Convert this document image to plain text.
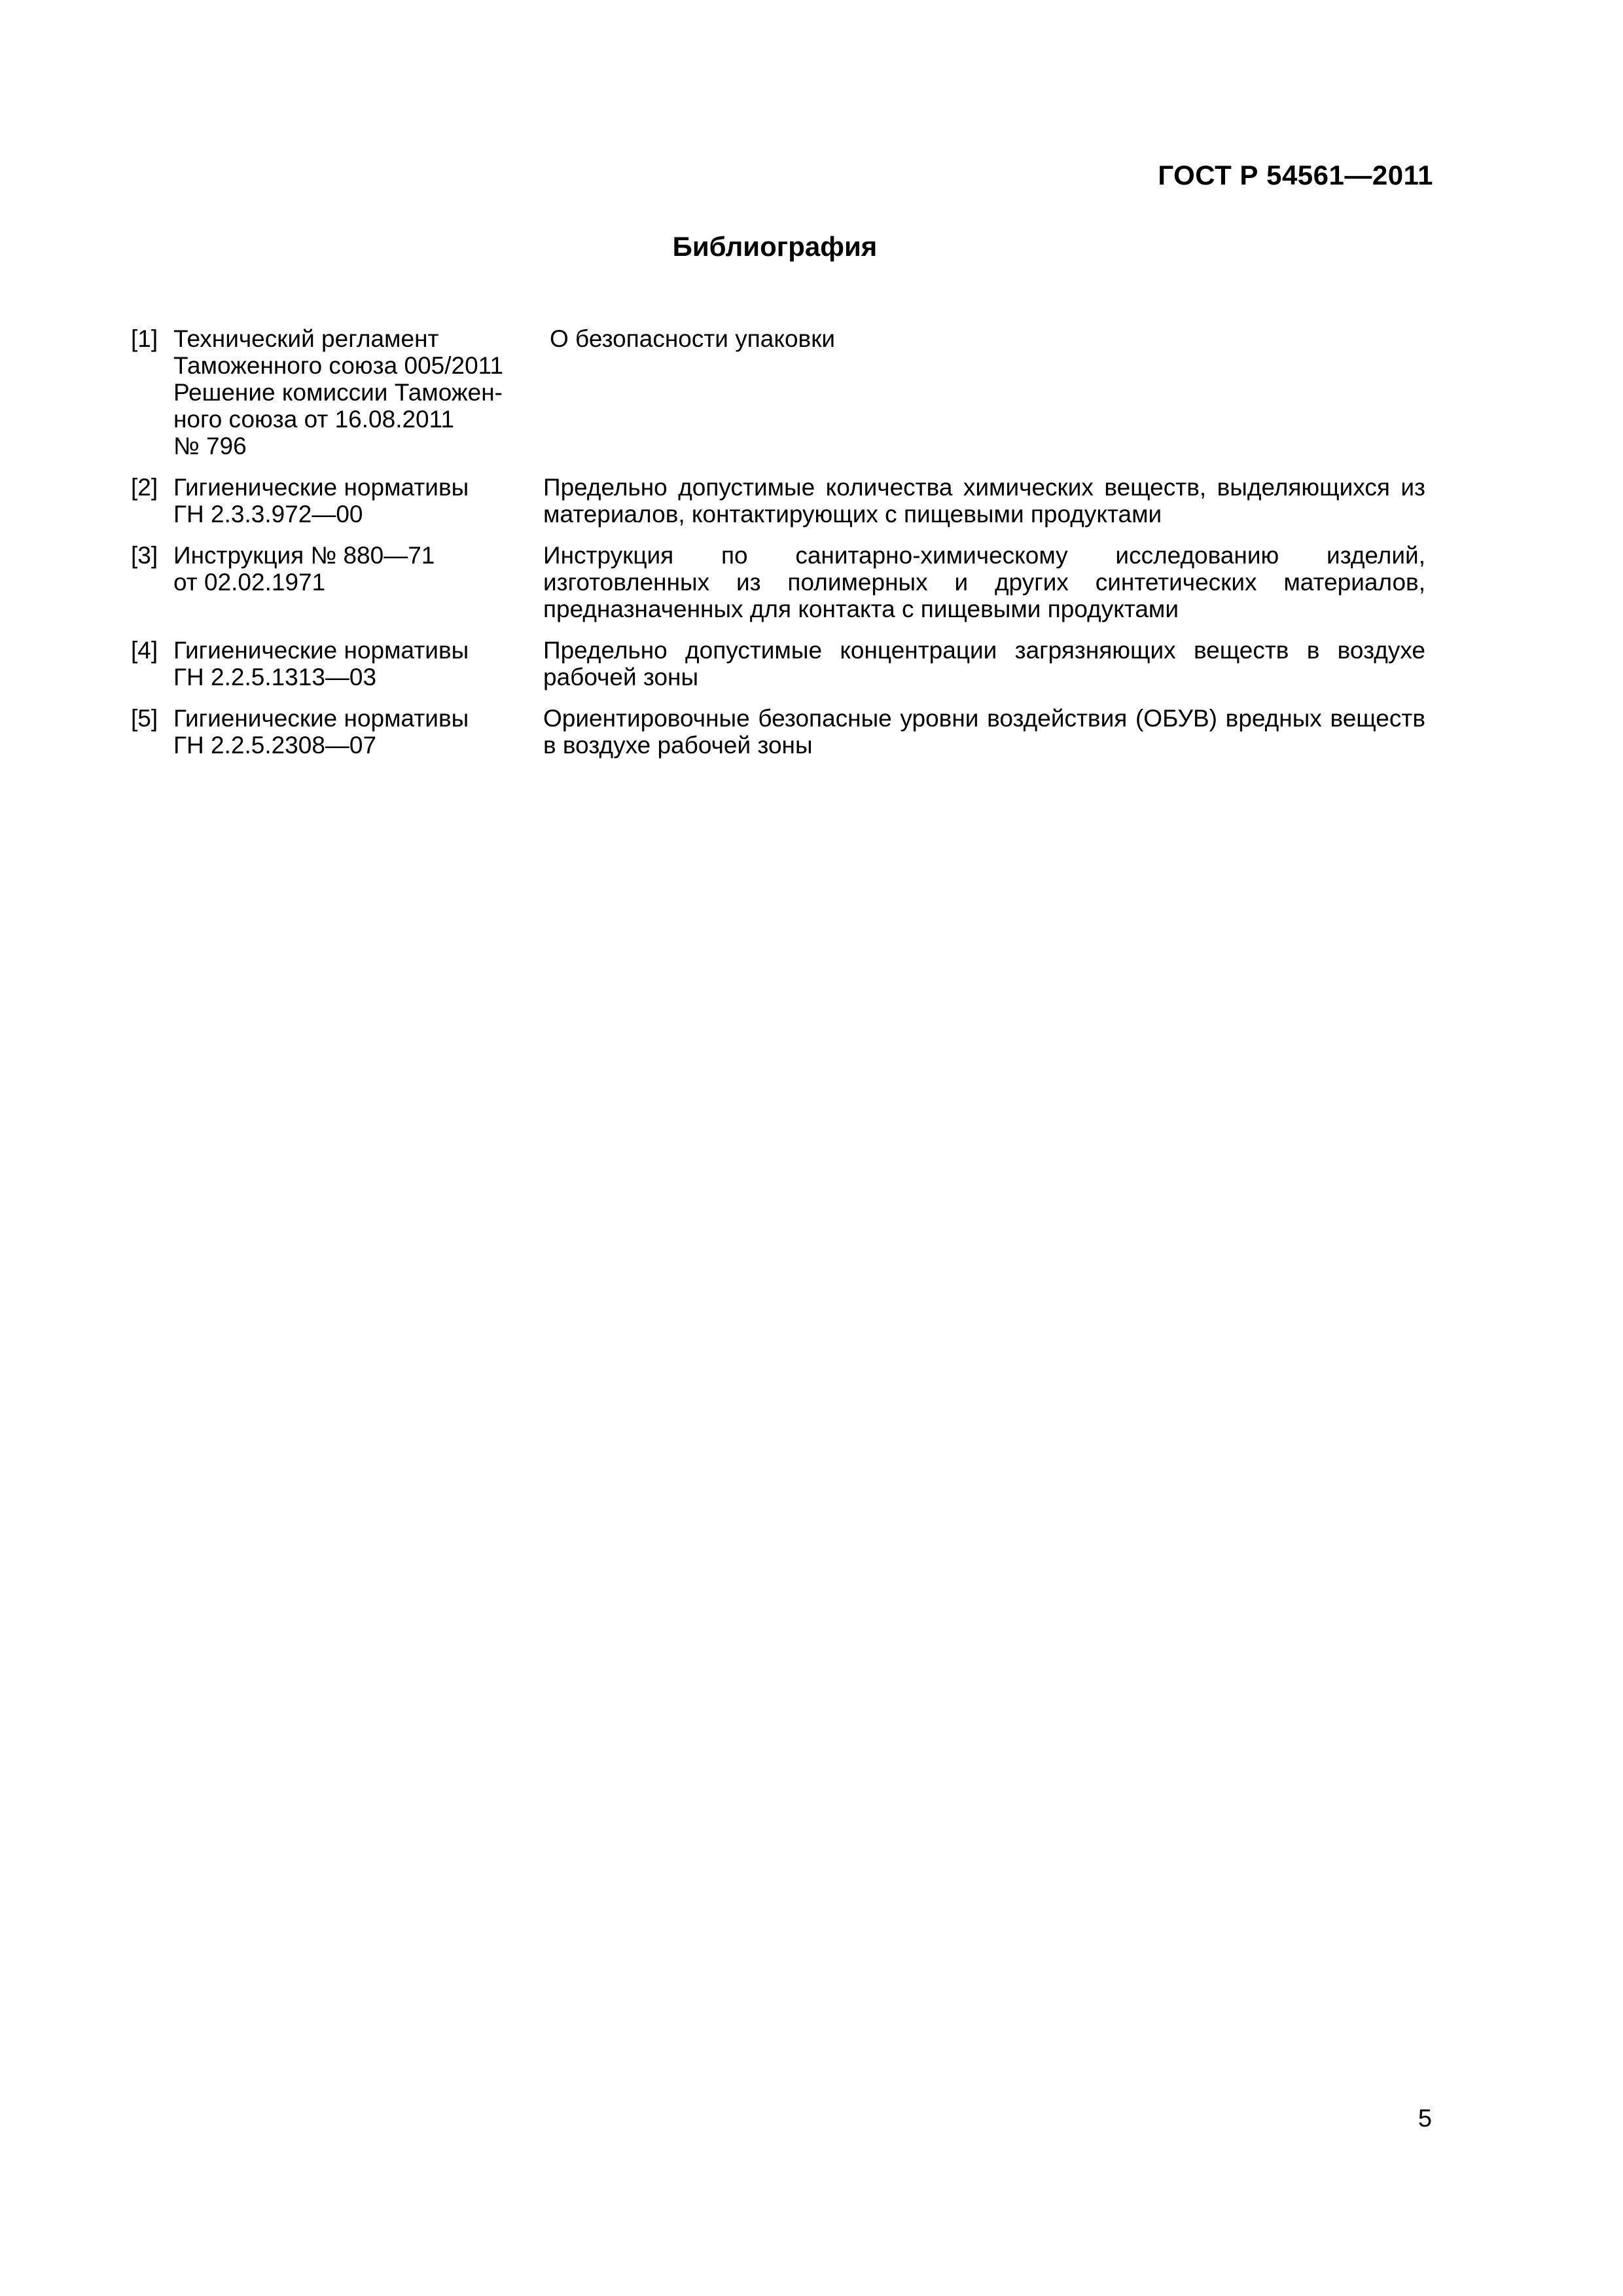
ГОСТ Р 54561—2011
Библиография
[1] Технический регламент
Таможенного союза 005/2011
Решение комиссии Таможен-
ного союза от 16.08.2011
№ 796
О безопасности упаковки
[2] Гигиенические нормативы
ГН 2.3.3.972—00
Предельно допустимые количества химических веществ, выделяющихся из материалов, контактирующих с пищевыми продуктами
[3] Инструкция № 880—71
от 02.02.1971
Инструкция по санитарно-химическому исследованию изделий, изготовленных из полимерных и других синтетических материалов, предназначенных для контакта с пищевыми продуктами
[4] Гигиенические нормативы
ГН 2.2.5.1313—03
Предельно допустимые концентрации загрязняющих веществ в воздухе рабочей зоны
[5] Гигиенические нормативы
ГН 2.2.5.2308—07
Ориентировочные безопасные уровни воздействия (ОБУВ) вредных веществ в воздухе рабочей зоны
5
